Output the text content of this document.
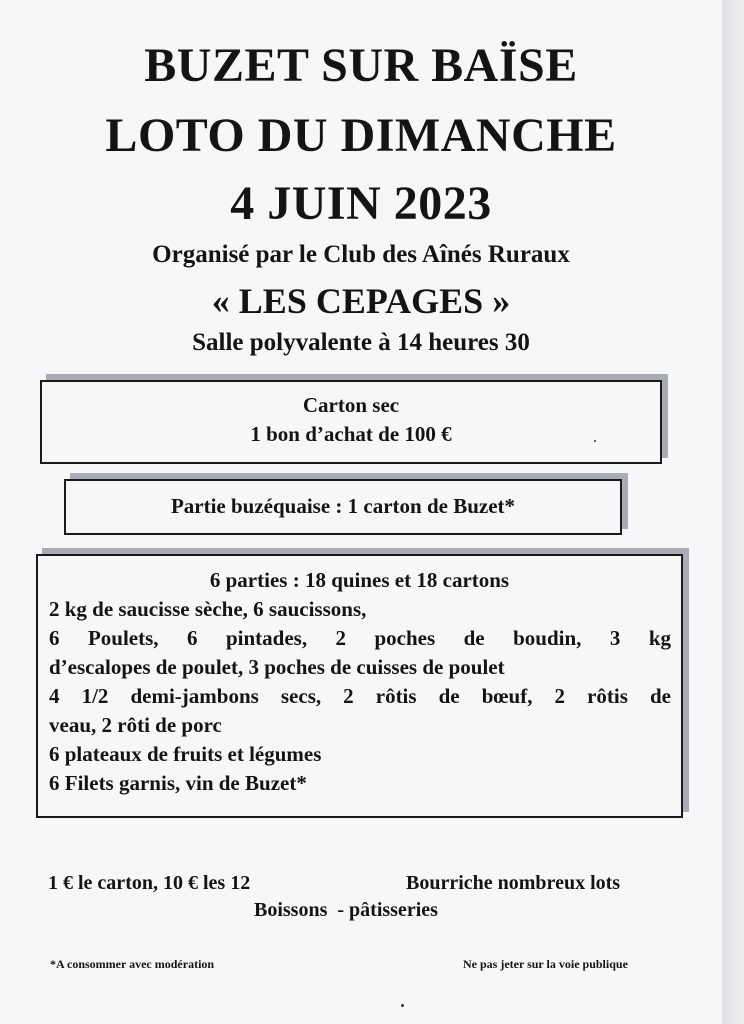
BUZET SUR BAÏSE
LOTO DU DIMANCHE
4 JUIN 2023
Organisé par le Club des Aînés Ruraux
« LES CEPAGES »
Salle polyvalente à 14 heures 30
Carton sec
1 bon d’achat de 100 €
Partie buzéquaise : 1 carton de Buzet*
6 parties : 18 quines et 18 cartons
2 kg de saucisse sèche, 6 saucissons,
6 Poulets, 6 pintades, 2 poches de boudin, 3 kg
d’escalopes de poulet, 3 poches de cuisses de poulet
4 1/2 demi-jambons secs, 2 rôtis de bœuf, 2 rôtis de
veau, 2 rôti de porc
6 plateaux de fruits et légumes
6 Filets garnis, vin de Buzet*
1 € le carton, 10 € les 12	Bourriche nombreux lots
Boissons  - pâtisseries
*A consommer avec modération	Ne pas jeter sur la voie publique
